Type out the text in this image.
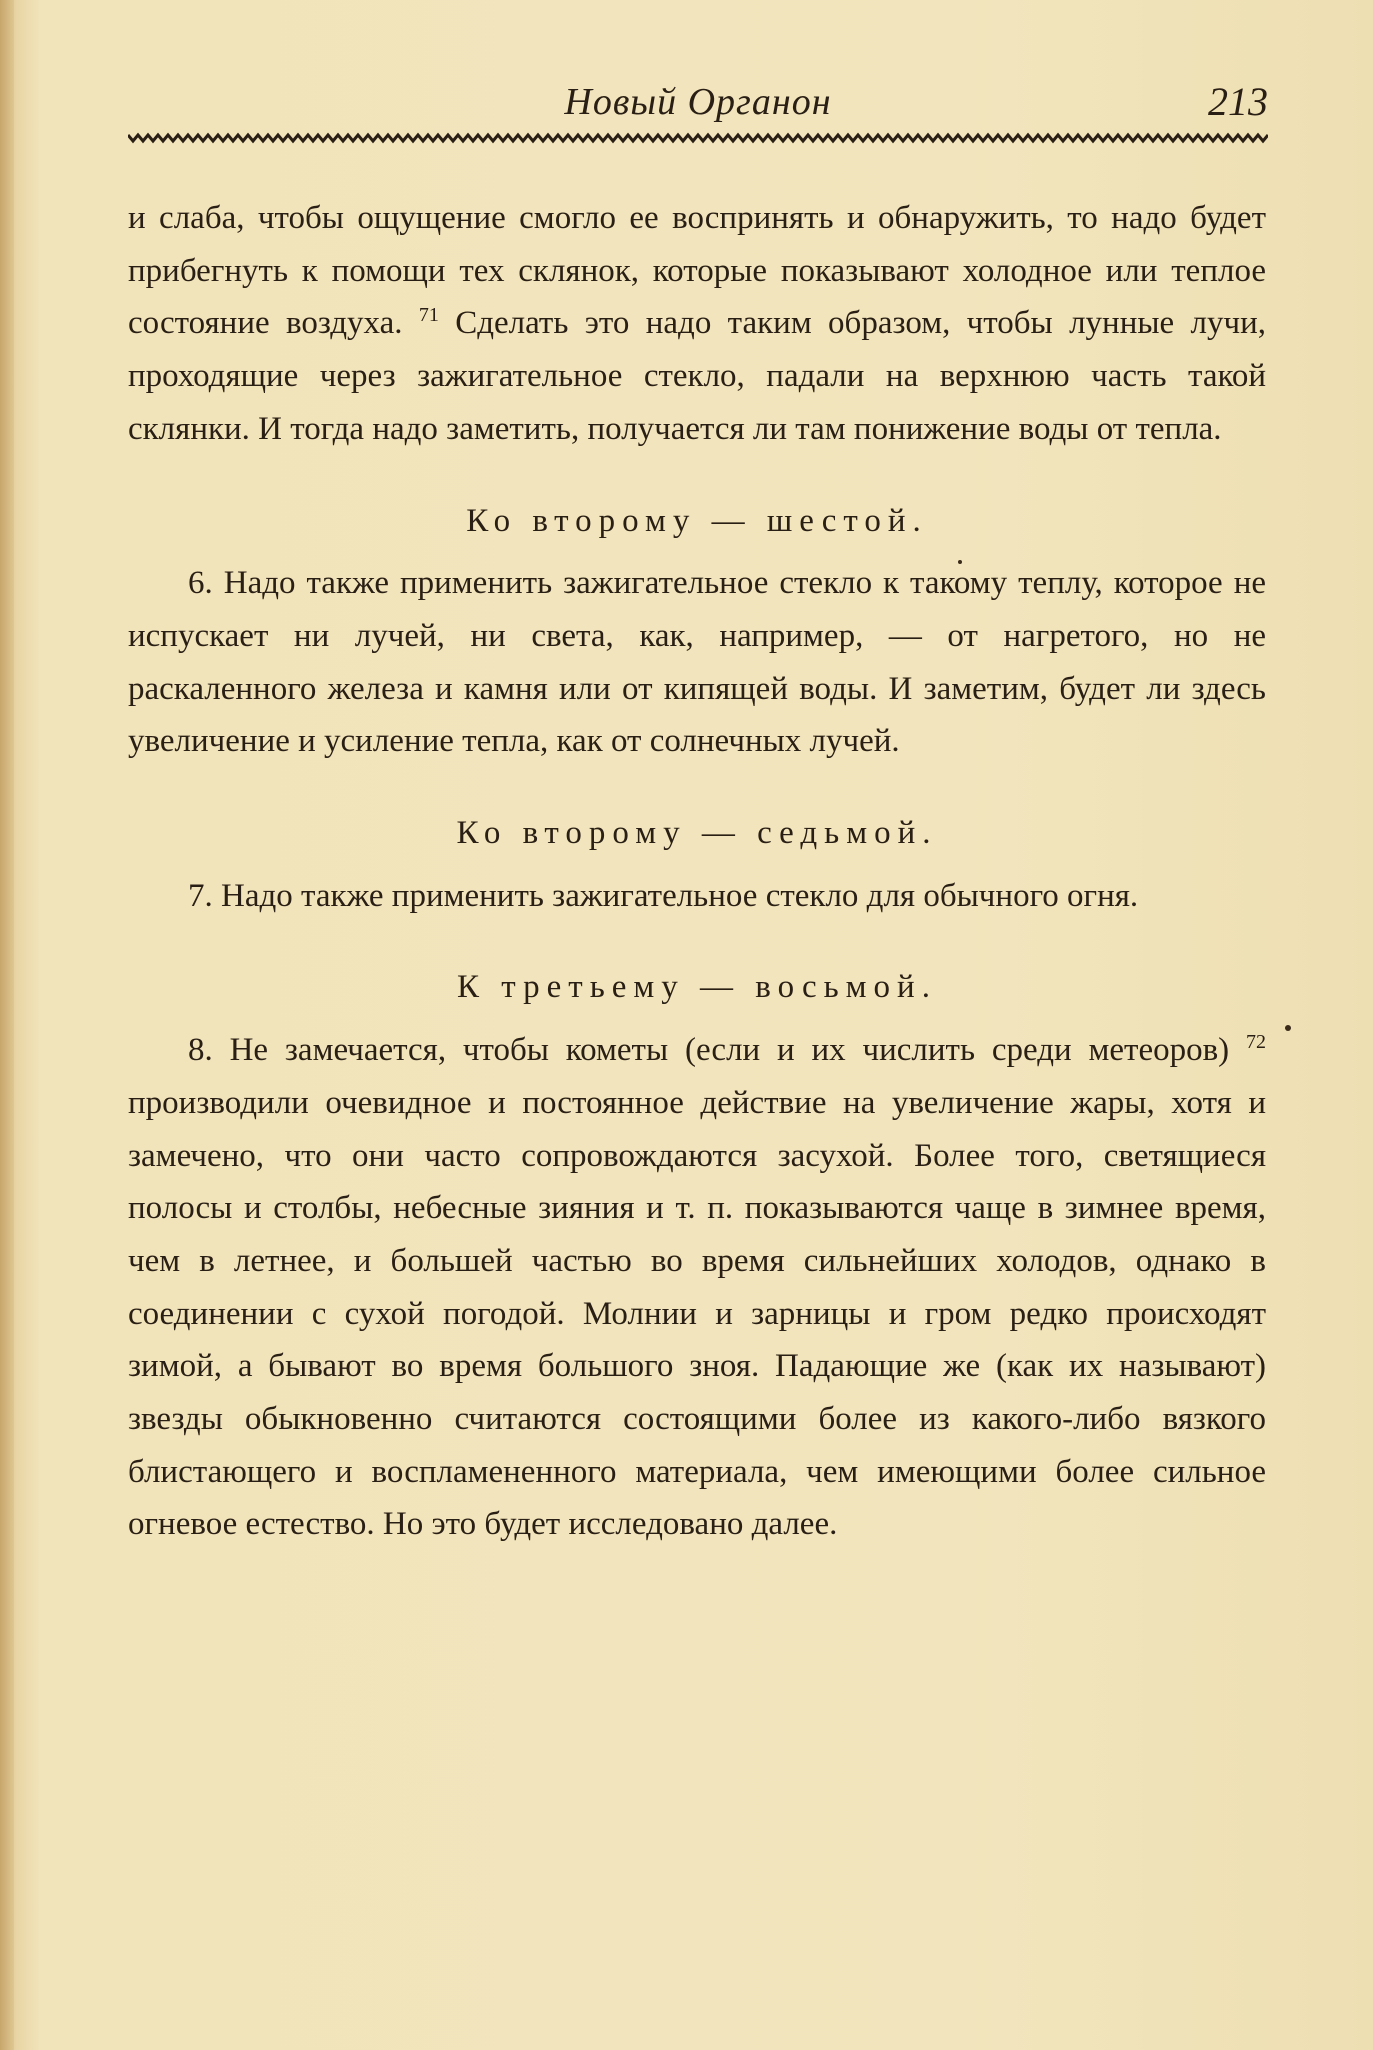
Новый Органон	213

и слаба, чтобы ощущение смогло ее воспринять и обнаружить, то надо будет прибегнуть к помощи тех склянок, которые показывают холодное или теплое состояние воздуха. $^{71}$ Сделать это надо таким образом, чтобы лунные лучи, проходящие через зажигательное стекло, падали на верхнюю часть такой склянки. И тогда надо заметить, получается ли там понижение воды от тепла.

Ко второму — шестой.

6. Надо также применить зажигательное стекло к такому теплу, которое не испускает ни лучей, ни света, как, например, — от нагретого, но не раскаленного железа и камня или от кипящей воды. И заметим, будет ли здесь увеличение и усиление тепла, как от солнечных лучей.

Ко второму — седьмой.

7. Надо также применить зажигательное стекло для обычного огня.

К третьему — восьмой.

8. Не замечается, чтобы кометы (если и их числить среди метеоров) $^{72}$ производили очевидное и постоянное действие на увеличение жары, хотя и замечено, что они часто сопровождаются засухой. Более того, светящиеся полосы и столбы, небесные зияния и т. п. показываются чаще в зимнее время, чем в летнее, и большей частью во время сильнейших холодов, однако в соединении с сухой погодой. Молнии и зарницы и гром редко происходят зимой, а бывают во время большого зноя. Падающие же (как их называют) звезды обыкновенно считаются состоящими более из какого-либо вязкого блистающего и воспламененного материала, чем имеющими более сильное огневое естество. Но это будет исследовано далее.
